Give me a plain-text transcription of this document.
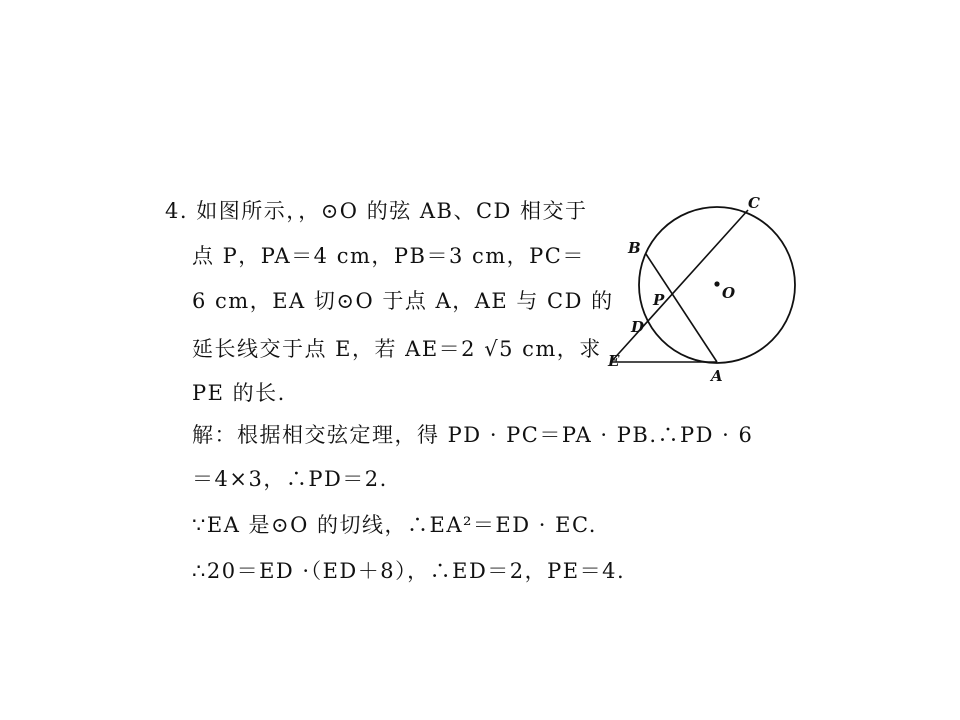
4. 如图所示，，⊙O 的弦 AB、CD 相交于
点 P，PA＝4 cm，PB＝3 cm，PC＝
6 cm，EA 切⊙O 于点 A，AE 与 CD 的
延长线交于点 E，若 AE＝2 √5 cm，求
PE 的长.
解：根据相交弦定理，得 PD · PC＝PA · PB.∴PD · 6
＝4×3，∴PD＝2.
∵EA 是⊙O 的切线，∴EA²＝ED · EC.
∴20＝ED ·（ED＋8），∴ED＝2，PE＝4.
C
B
O
P
D
E
A
